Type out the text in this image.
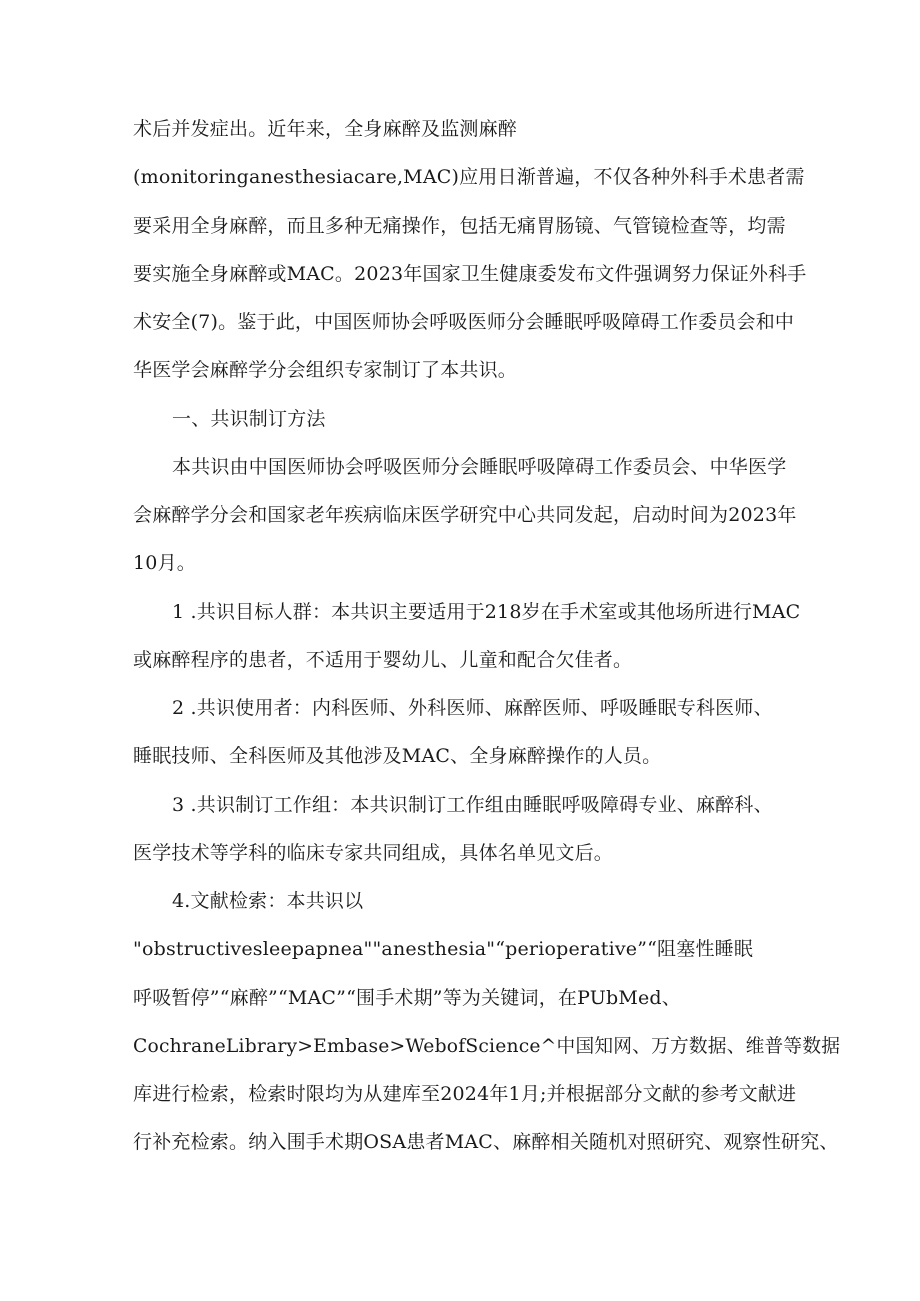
术后并发症出。近年来，全身麻醉及监测麻醉
(monitoringanesthesiacare,MAC)应用日渐普遍，不仅各种外科手术患者需
要采用全身麻醉，而且多种无痛操作，包括无痛胃肠镜、气管镜检查等，均需
要实施全身麻醉或MAC。2023年国家卫生健康委发布文件强调努力保证外科手
术安全(7)。鉴于此，中国医师协会呼吸医师分会睡眠呼吸障碍工作委员会和中
华医学会麻醉学分会组织专家制订了本共识。
一、共识制订方法
本共识由中国医师协会呼吸医师分会睡眠呼吸障碍工作委员会、中华医学
会麻醉学分会和国家老年疾病临床医学研究中心共同发起，启动时间为2023年
10月。
1 .共识目标人群：本共识主要适用于218岁在手术室或其他场所进行MAC
或麻醉程序的患者，不适用于婴幼儿、儿童和配合欠佳者。
2 .共识使用者：内科医师、外科医师、麻醉医师、呼吸睡眠专科医师、
睡眠技师、全科医师及其他涉及MAC、全身麻醉操作的人员。
3 .共识制订工作组：本共识制订工作组由睡眠呼吸障碍专业、麻醉科、
医学技术等学科的临床专家共同组成，具体名单见文后。
4.文献检索：本共识以
"obstructivesleepapnea""anesthesia"“perioperative”“阻塞性睡眠
呼吸暂停”“麻醉”“MAC”“围手术期”等为关键词，在PUbMed、
CochraneLibrary>Embase>WebofScience^中国知网、万方数据、维普等数据
库进行检索，检索时限均为从建库至2024年1月;并根据部分文献的参考文献进
行补充检索。纳入围手术期OSA患者MAC、麻醉相关随机对照研究、观察性研究、
